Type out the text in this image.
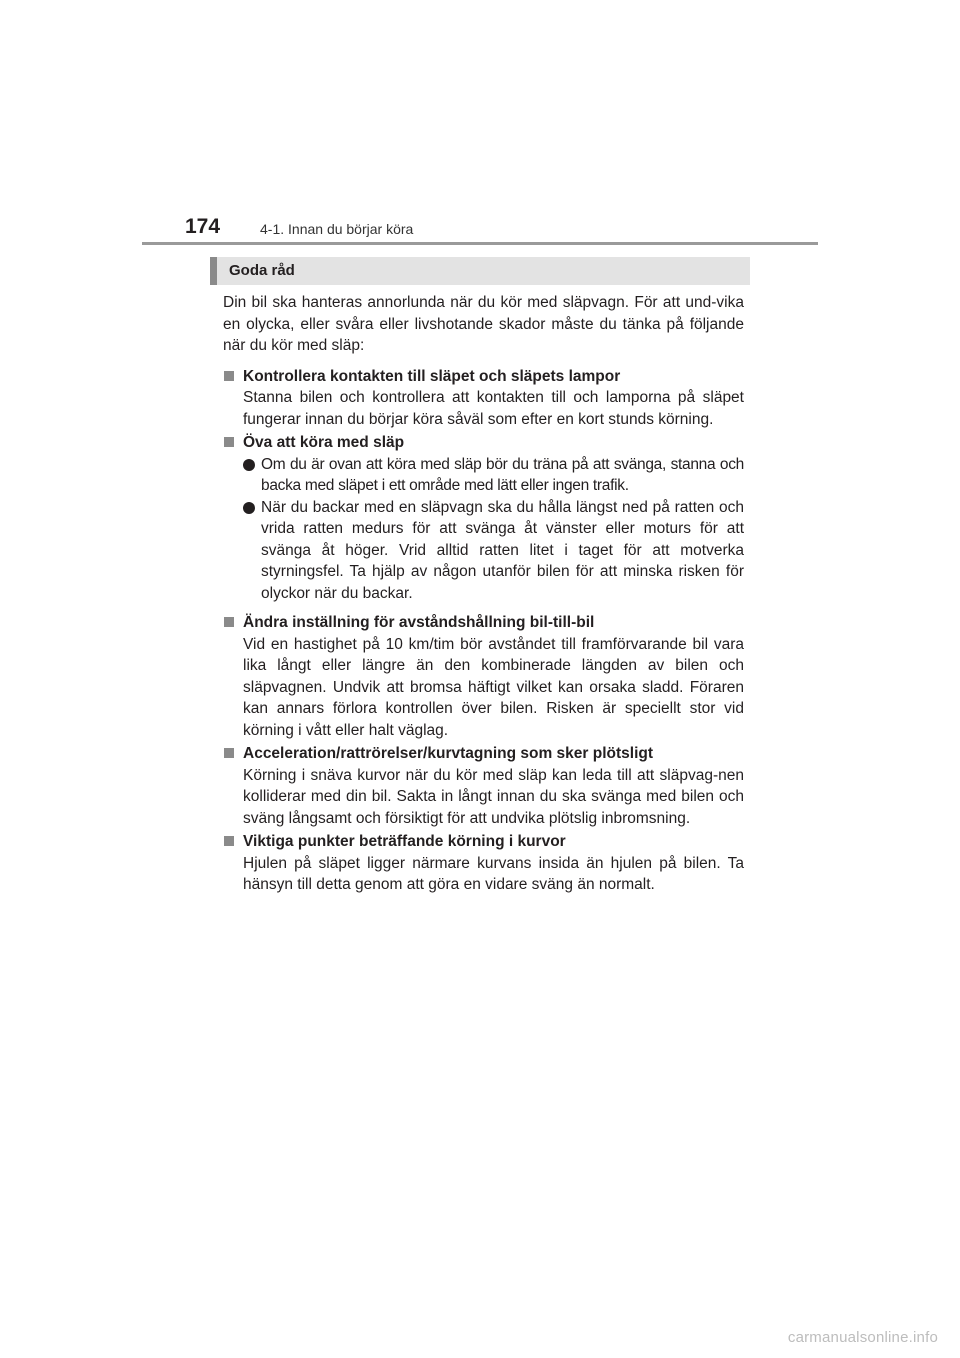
174	4-1. Innan du börjar köra
Goda råd

Din bil ska hanteras annorlunda när du kör med släpvagn. För att und-vika en olycka, eller svåra eller livshotande skador måste du tänka på följande när du kör med släp:

Kontrollera kontakten till släpet och släpets lampor

Stanna bilen och kontrollera att kontakten till och lamporna på släpet fungerar innan du börjar köra såväl som efter en kort stunds körning.

Öva att köra med släp

Om du är ovan att köra med släp bör du träna på att svänga, stanna och backa med släpet i ett område med lätt eller ingen trafik.

När du backar med en släpvagn ska du hålla längst ned på ratten och vrida ratten medurs för att svänga åt vänster eller moturs för att svänga åt höger. Vrid alltid ratten litet i taget för att motverka styrningsfel. Ta hjälp av någon utanför bilen för att minska risken för olyckor när du backar.

Ändra inställning för avståndshållning bil-till-bil

Vid en hastighet på 10 km/tim bör avståndet till framförvarande bil vara lika långt eller längre än den kombinerade längden av bilen och släpvagnen. Undvik att bromsa häftigt vilket kan orsaka sladd. Föraren kan annars förlora kontrollen över bilen. Risken är speciellt stor vid körning i vått eller halt väglag.

Acceleration/rattrörelser/kurvtagning som sker plötsligt

Körning i snäva kurvor när du kör med släp kan leda till att släpvag-nen kolliderar med din bil. Sakta in långt innan du ska svänga med bilen och sväng långsamt och försiktigt för att undvika plötslig inbromsning.

Viktiga punkter beträffande körning i kurvor

Hjulen på släpet ligger närmare kurvans insida än hjulen på bilen. Ta hänsyn till detta genom att göra en vidare sväng än normalt.

carmanualsonline.info
